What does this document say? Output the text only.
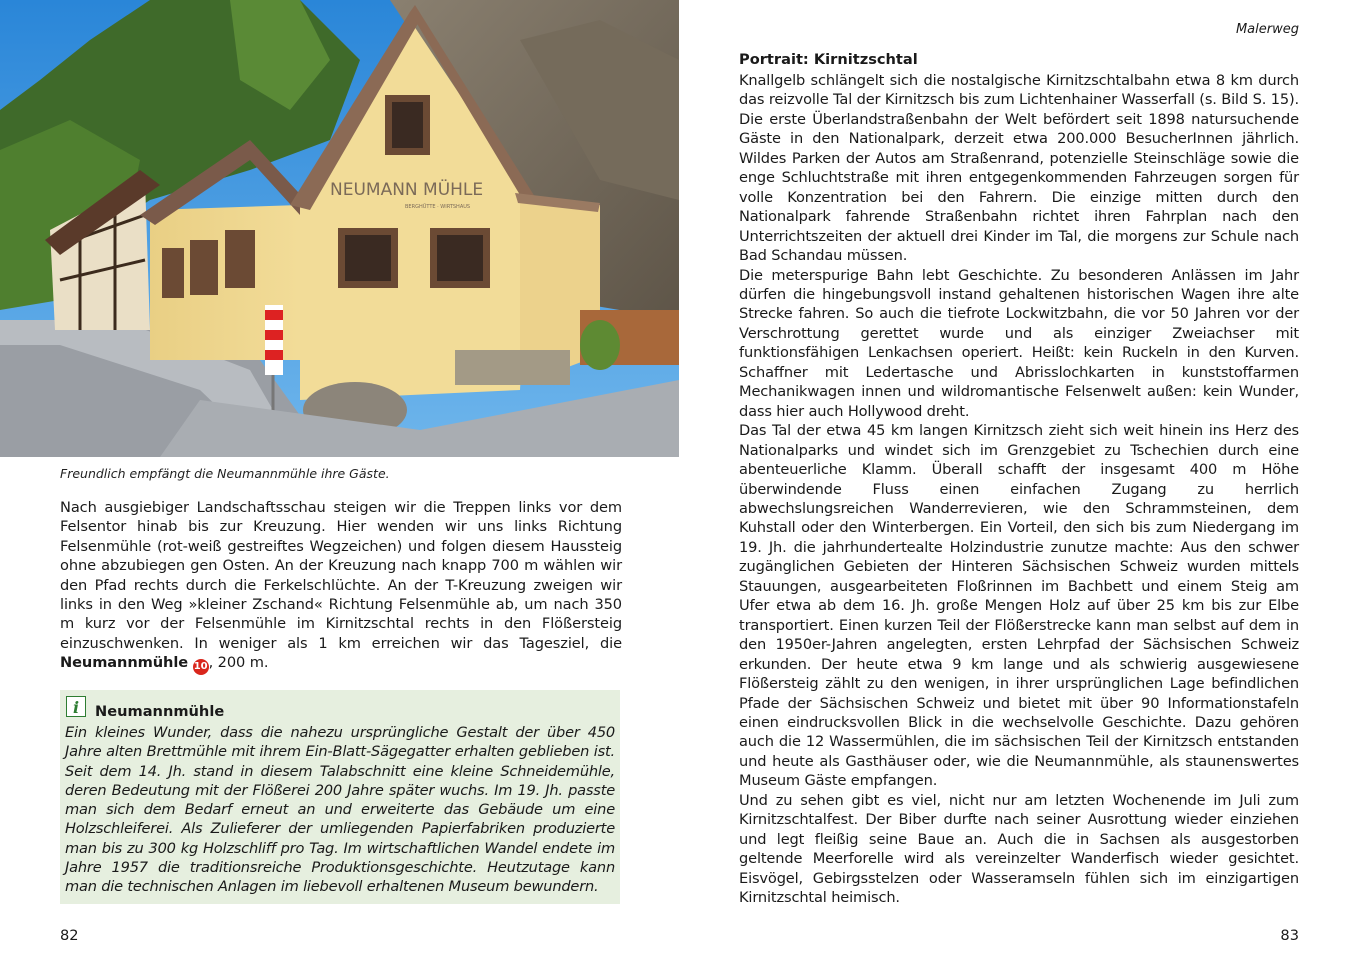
NEUMANN MÜHLE
BERGHÜTTE · WIRTSHAUS
Freundlich empfängt die Neumannmühle ihre Gäste.
Nach ausgiebiger Landschaftsschau steigen wir die Treppen links vor dem Felsentor hinab bis zur Kreuzung. Hier wenden wir uns links Richtung Felsenmühle (rot-weiß gestreiftes Wegzeichen) und folgen diesem Haussteig ohne abzubiegen gen Osten. An der Kreuzung nach knapp 700 m wählen wir den Pfad rechts durch die Ferkelschlüchte. An der T-Kreuzung zweigen wir links in den Weg »kleiner Zschand« Richtung Felsenmühle ab, um nach 350 m kurz vor der Felsenmühle im Kirnitzschtal rechts in den Flößersteig einzuschwenken. In weniger als 1 km erreichen wir das Tagesziel, die Neumannmühle 10, 200 m.
i	Neumannmühle
Ein kleines Wunder, dass die nahezu ursprüngliche Gestalt der über 450 Jahre alten Brettmühle mit ihrem Ein-Blatt-Sägegatter erhalten geblieben ist. Seit dem 14. Jh. stand in diesem Talabschnitt eine kleine Schneidemühle, deren Bedeutung mit der Flößerei 200 Jahre später wuchs. Im 19. Jh. passte man sich dem Bedarf erneut an und erweiterte das Gebäude um eine Holzschleiferei. Als Zulieferer der umliegenden Papierfabriken produzierte man bis zu 300 kg Holzschliff pro Tag. Im wirtschaftlichen Wandel endete im Jahre 1957 die traditionsreiche Produktionsgeschichte. Heutzutage kann man die technischen Anlagen im liebevoll erhaltenen Museum bewundern.
82
Malerweg
Portrait: Kirnitzschtal
Knallgelb schlängelt sich die nostalgische Kirnitzschtalbahn etwa 8 km durch das reizvolle Tal der Kirnitzsch bis zum Lichtenhainer Wasserfall (s. Bild S. 15). Die erste Überlandstraßenbahn der Welt befördert seit 1898 natursuchende Gäste in den Nationalpark, derzeit etwa 200.000 BesucherInnen jährlich. Wildes Parken der Autos am Straßenrand, potenzielle Steinschläge sowie die enge Schluchtstraße mit ihren entgegenkommenden Fahrzeugen sorgen für volle Konzentration bei den Fahrern. Die einzige mitten durch den Nationalpark fahrende Straßenbahn richtet ihren Fahrplan nach den Unterrichtszeiten der aktuell drei Kinder im Tal, die morgens zur Schule nach Bad Schandau müssen.
Die meterspurige Bahn lebt Geschichte. Zu besonderen Anlässen im Jahr dürfen die hingebungsvoll instand gehaltenen historischen Wagen ihre alte Strecke fahren. So auch die tiefrote Lockwitzbahn, die vor 50 Jahren vor der Verschrottung gerettet wurde und als einziger Zweiachser mit funktionsfähigen Lenkachsen operiert. Heißt: kein Ruckeln in den Kurven. Schaffner mit Ledertasche und Abrisslochkarten in kunststoffarmen Mechanikwagen innen und wildromantische Felsenwelt außen: kein Wunder, dass hier auch Hollywood dreht.
Das Tal der etwa 45 km langen Kirnitzsch zieht sich weit hinein ins Herz des Nationalparks und windet sich im Grenzgebiet zu Tschechien durch eine abenteuerliche Klamm. Überall schafft der insgesamt 400 m Höhe überwindende Fluss einen einfachen Zugang zu herrlich abwechslungsreichen Wanderrevieren, wie den Schrammsteinen, dem Kuhstall oder den Winterbergen. Ein Vorteil, den sich bis zum Niedergang im 19. Jh. die jahrhundertealte Holzindustrie zunutze machte: Aus den schwer zugänglichen Gebieten der Hinteren Sächsischen Schweiz wurden mittels Stauungen, ausgearbeiteten Floßrinnen im Bachbett und einem Steig am Ufer etwa ab dem 16. Jh. große Mengen Holz auf über 25 km bis zur Elbe transportiert. Einen kurzen Teil der Flößerstrecke kann man selbst auf dem in den 1950er-Jahren angelegten, ersten Lehrpfad der Sächsischen Schweiz erkunden. Der heute etwa 9 km lange und als schwierig ausgewiesene Flößersteig zählt zu den wenigen, in ihrer ursprünglichen Lage befindlichen Pfade der Sächsischen Schweiz und bietet mit über 90 Informationstafeln einen eindrucksvollen Blick in die wechselvolle Geschichte. Dazu gehören auch die 12 Wassermühlen, die im sächsischen Teil der Kirnitzsch entstanden und heute als Gasthäuser oder, wie die Neumannmühle, als staunenswertes Museum Gäste empfangen.
Und zu sehen gibt es viel, nicht nur am letzten Wochenende im Juli zum Kirnitzschtalfest. Der Biber durfte nach seiner Ausrottung wieder einziehen und legt fleißig seine Baue an. Auch die in Sachsen als ausgestorben geltende Meerforelle wird als vereinzelter Wanderfisch wieder gesichtet. Eisvögel, Gebirgsstelzen oder Wasseramseln fühlen sich im einzigartigen Kirnitzschtal heimisch.
83
